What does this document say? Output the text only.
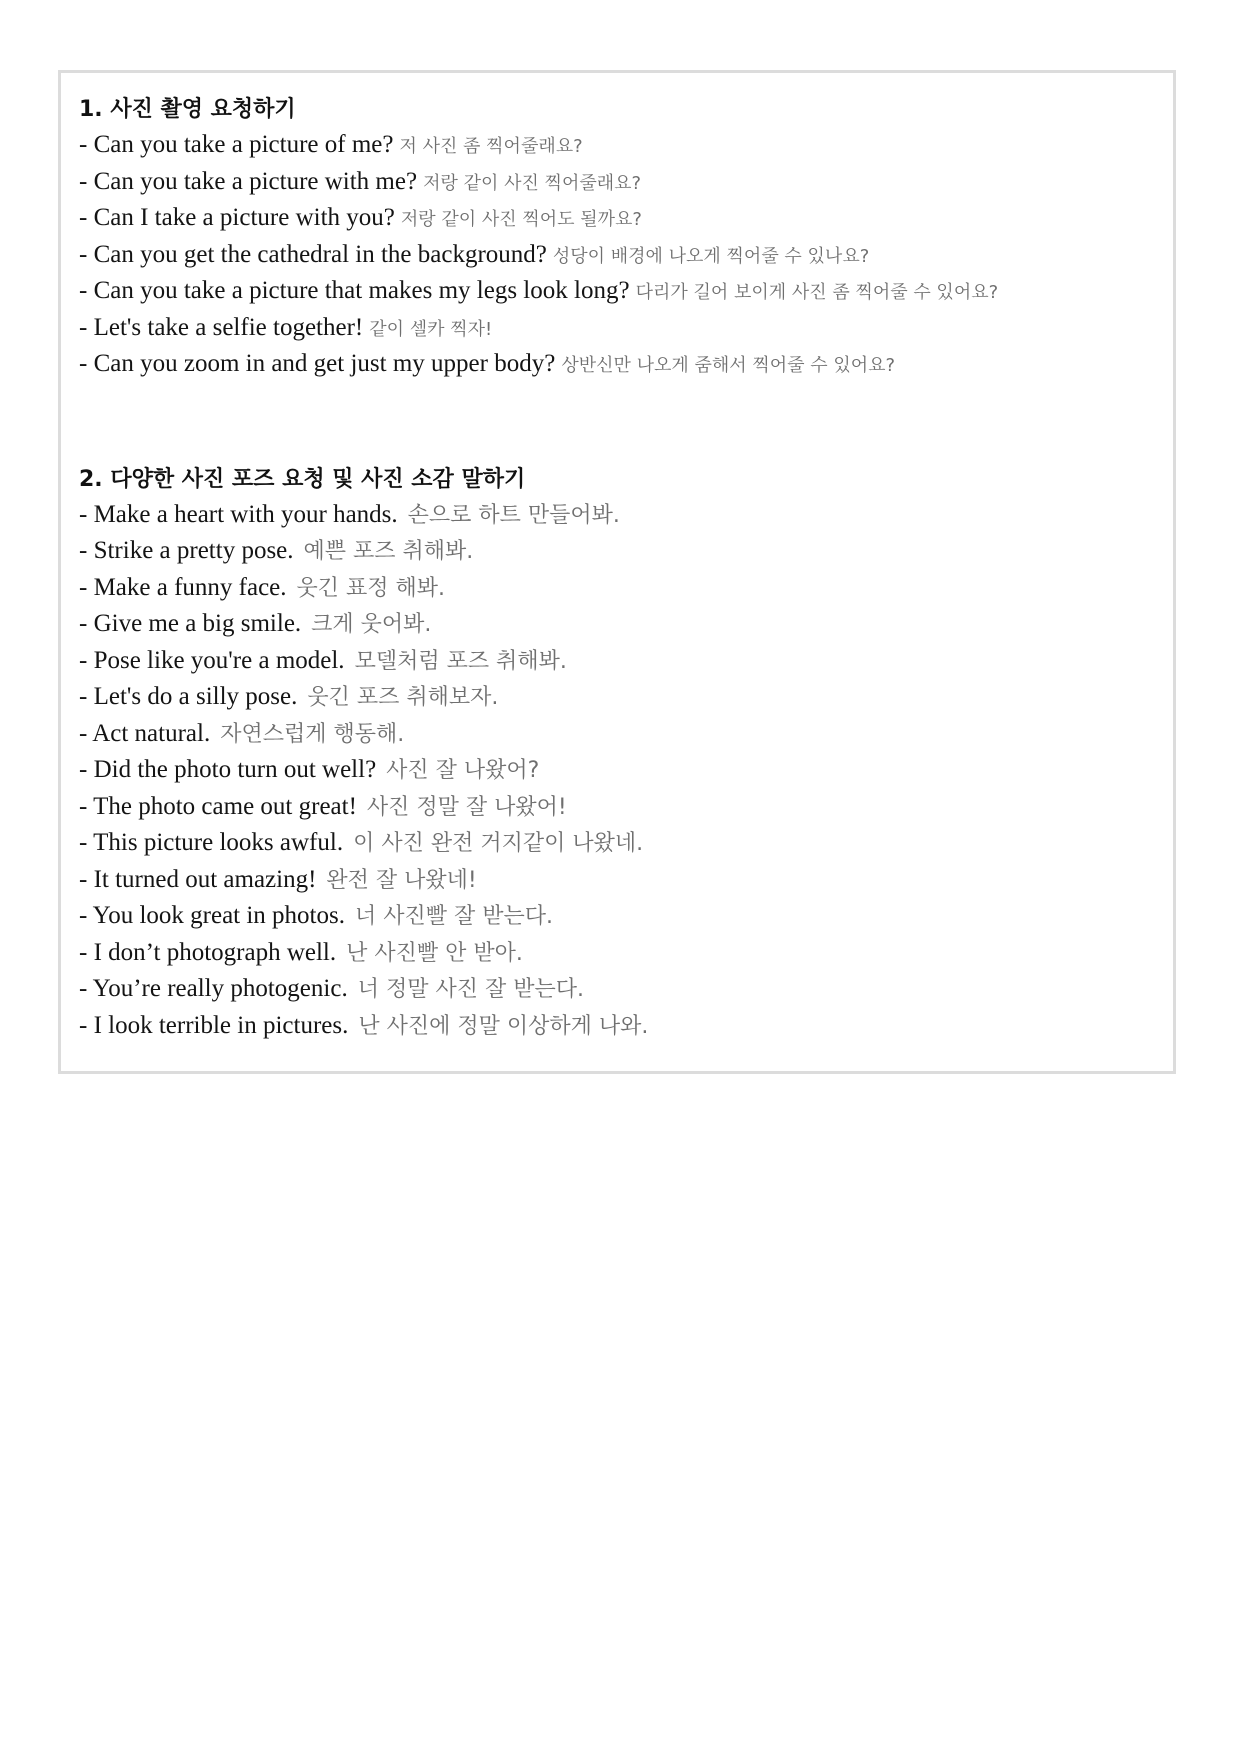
1. 사진 촬영 요청하기
- Can you take a picture of me? 저 사진 좀 찍어줄래요?
- Can you take a picture with me? 저랑 같이 사진 찍어줄래요?
- Can I take a picture with you? 저랑 같이 사진 찍어도 될까요?
- Can you get the cathedral in the background? 성당이 배경에 나오게 찍어줄 수 있나요?
- Can you take a picture that makes my legs look long? 다리가 길어 보이게 사진 좀 찍어줄 수 있어요?
- Let's take a selfie together! 같이 셀카 찍자!
- Can you zoom in and get just my upper body? 상반신만 나오게 줌해서 찍어줄 수 있어요?
2. 다양한 사진 포즈 요청 및 사진 소감 말하기
- Make a heart with your hands. 손으로 하트 만들어봐.
- Strike a pretty pose. 예쁜 포즈 취해봐.
- Make a funny face. 웃긴 표정 해봐.
- Give me a big smile. 크게 웃어봐.
- Pose like you're a model. 모델처럼 포즈 취해봐.
- Let's do a silly pose. 웃긴 포즈 취해보자.
- Act natural. 자연스럽게 행동해.
- Did the photo turn out well? 사진 잘 나왔어?
- The photo came out great! 사진 정말 잘 나왔어!
- This picture looks awful. 이 사진 완전 거지같이 나왔네.
- It turned out amazing! 완전 잘 나왔네!
- You look great in photos. 너 사진빨 잘 받는다.
- I don’t photograph well. 난 사진빨 안 받아.
- You’re really photogenic. 너 정말 사진 잘 받는다.
- I look terrible in pictures. 난 사진에 정말 이상하게 나와.
